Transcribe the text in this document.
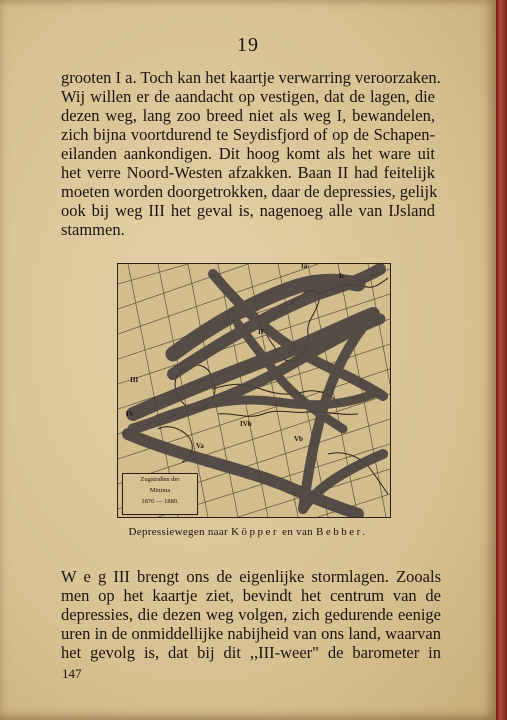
19
grooten I a. Toch kan het kaartje verwarring veroorzaken.
Wij willen er de aandacht op vestigen, dat de lagen, die
dezen weg, lang zoo breed niet als weg I, bewandelen,
zich bijna voortdurend te Seydisfjord of op de Schapen-
eilanden aankondigen. Dit hoog komt als het ware uit
het verre Noord-Westen afzakken. Baan II had feitelijk
moeten worden doorgetrokken, daar de depressies, gelijk
ook bij weg III het geval is, nagenoeg alle van IJsland
stammen.
Ia
Ic
II
III
IV
IVb
Vb
Va
Zugstraßen der
Minima
1876 — 1880.
Depressiewegen naar Köpper en van Bebber.
W e g III brengt ons de eigenlijke stormlagen. Zooals
men op het kaartje ziet, bevindt het centrum van de
depressies, die dezen weg volgen, zich gedurende eenige
uren in de onmiddellijke nabijheid van ons land, waarvan
het gevolg is, dat bij dit ,,III-weer" de barometer in
147
